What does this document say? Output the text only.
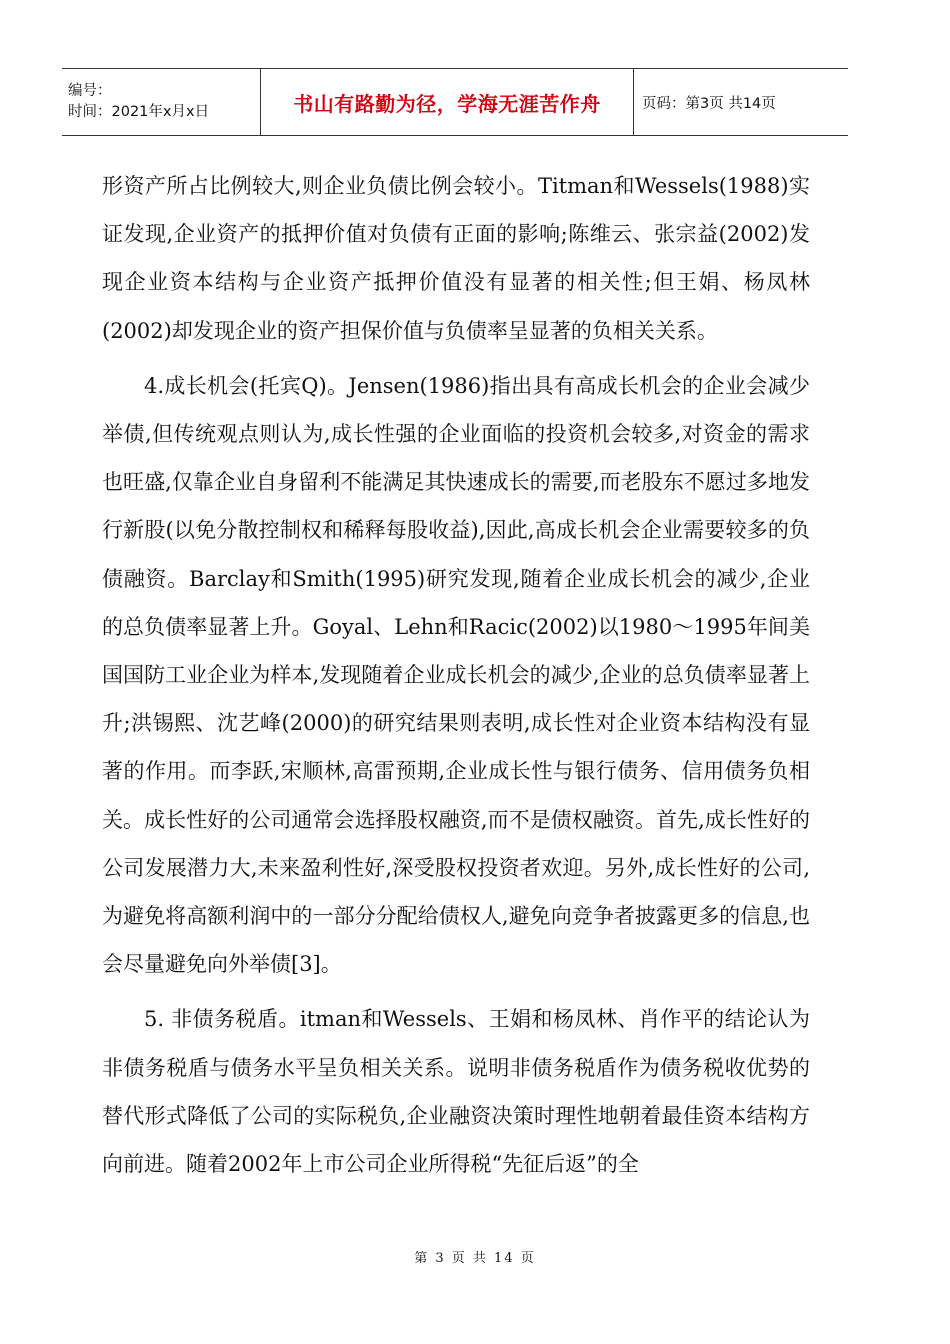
编号：
时间：2021年x月x日	书山有路勤为径，学海无涯苦作舟	页码：第3页 共14页

形资产所占比例较大,则企业负债比例会较小。Titman和Wessels(1988)实证发现,企业资产的抵押价值对负债有正面的影响;陈维云、张宗益(2002)发现企业资本结构与企业资产抵押价值没有显著的相关性;但王娟、杨凤林(2002)却发现企业的资产担保价值与负债率呈显著的负相关关系。

4.成长机会(托宾Q)。Jensen(1986)指出具有高成长机会的企业会减少举债,但传统观点则认为,成长性强的企业面临的投资机会较多,对资金的需求也旺盛,仅靠企业自身留利不能满足其快速成长的需要,而老股东不愿过多地发行新股(以免分散控制权和稀释每股收益),因此,高成长机会企业需要较多的负债融资。Barclay和Smith(1995)研究发现,随着企业成长机会的减少,企业的总负债率显著上升。Goyal、Lehn和Racic(2002)以1980～1995年间美国国防工业企业为样本,发现随着企业成长机会的减少,企业的总负债率显著上升;洪锡熙、沈艺峰(2000)的研究结果则表明,成长性对企业资本结构没有显著的作用。而李跃,宋顺林,高雷预期,企业成长性与银行债务、信用债务负相关。成长性好的公司通常会选择股权融资,而不是债权融资。首先,成长性好的公司发展潜力大,未来盈利性好,深受股权投资者欢迎。另外,成长性好的公司,为避免将高额利润中的一部分分配给债权人,避免向竞争者披露更多的信息,也会尽量避免向外举债[3]。

5. 非债务税盾。itman和Wessels、王娟和杨凤林、肖作平的结论认为非债务税盾与债务水平呈负相关关系。说明非债务税盾作为债务税收优势的替代形式降低了公司的实际税负,企业融资决策时理性地朝着最佳资本结构方向前进。随着2002年上市公司企业所得税“先征后返”的全

第 3 页 共 14 页
